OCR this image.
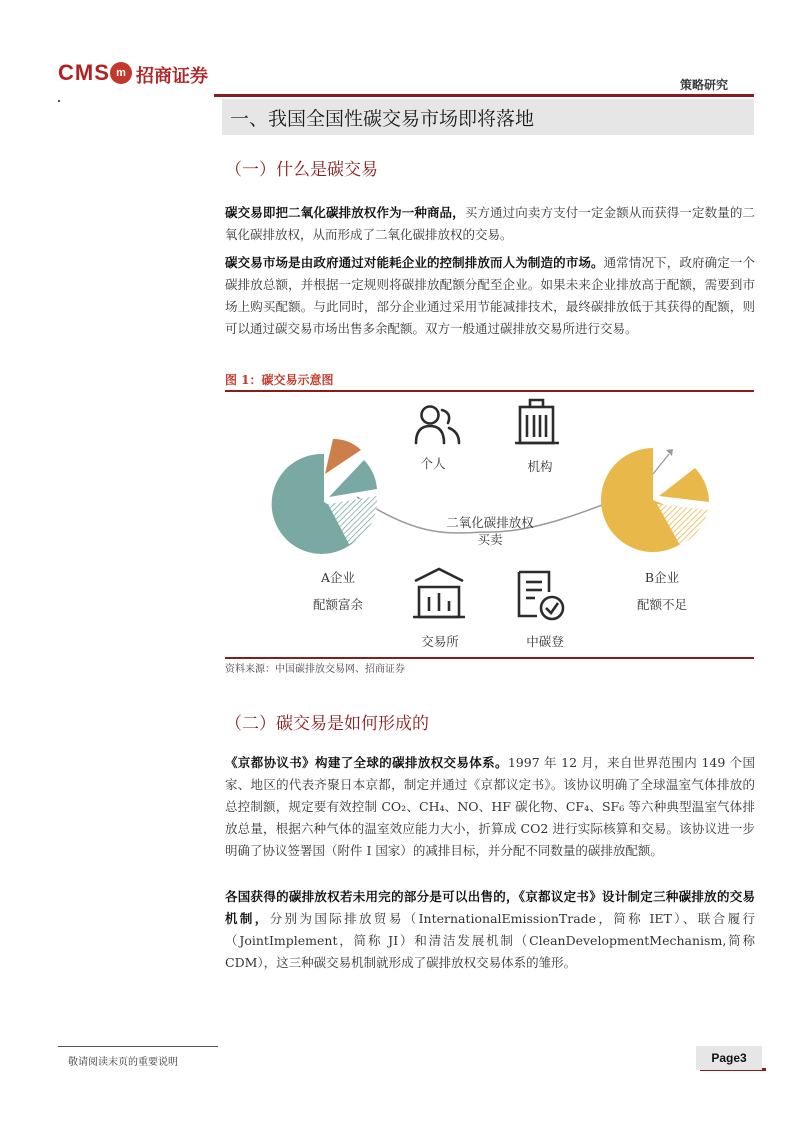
CMS m 招商证券	策略研究
一、我国全国性碳交易市场即将落地
（一）什么是碳交易
碳交易即把二氧化碳排放权作为一种商品，买方通过向卖方支付一定金额从而获得一定数量的二氧化碳排放权，从而形成了二氧化碳排放权的交易。
碳交易市场是由政府通过对能耗企业的控制排放而人为制造的市场。通常情况下，政府确定一个碳排放总额，并根据一定规则将碳排放配额分配至企业。如果未来企业排放高于配额，需要到市场上购买配额。与此同时，部分企业通过采用节能减排技术，最终碳排放低于其获得的配额，则可以通过碳交易市场出售多余配额。双方一般通过碳排放交易所进行交易。
图 1：碳交易示意图
个人	机构
二氧化碳排放权
买卖
A企业
配额富余
B企业
配额不足
交易所	中碳登
资料来源：中国碳排放交易网、招商证券
（二）碳交易是如何形成的
《京都协议书》构建了全球的碳排放权交易体系。1997 年 12 月，来自世界范围内 149 个国家、地区的代表齐聚日本京都，制定并通过《京都议定书》。该协议明确了全球温室气体排放的总控制额，规定要有效控制 CO₂、CH₄、NO、HF 碳化物、CF₄、SF₆ 等六种典型温室气体排放总量，根据六种气体的温室效应能力大小，折算成 CO2 进行实际核算和交易。该协议进一步明确了协议签署国（附件 I 国家）的减排目标，并分配不同数量的碳排放配额。
各国获得的碳排放权若未用完的部分是可以出售的，《京都议定书》设计制定三种碳排放的交易机制，分别为国际排放贸易（InternationalEmissionTrade，简称 IET）、联合履行（JointImplement，简称 JI）和清洁发展机制（CleanDevelopmentMechanism,简称 CDM），这三种碳交易机制就形成了碳排放权交易体系的雏形。
敬请阅读末页的重要说明	Page3
